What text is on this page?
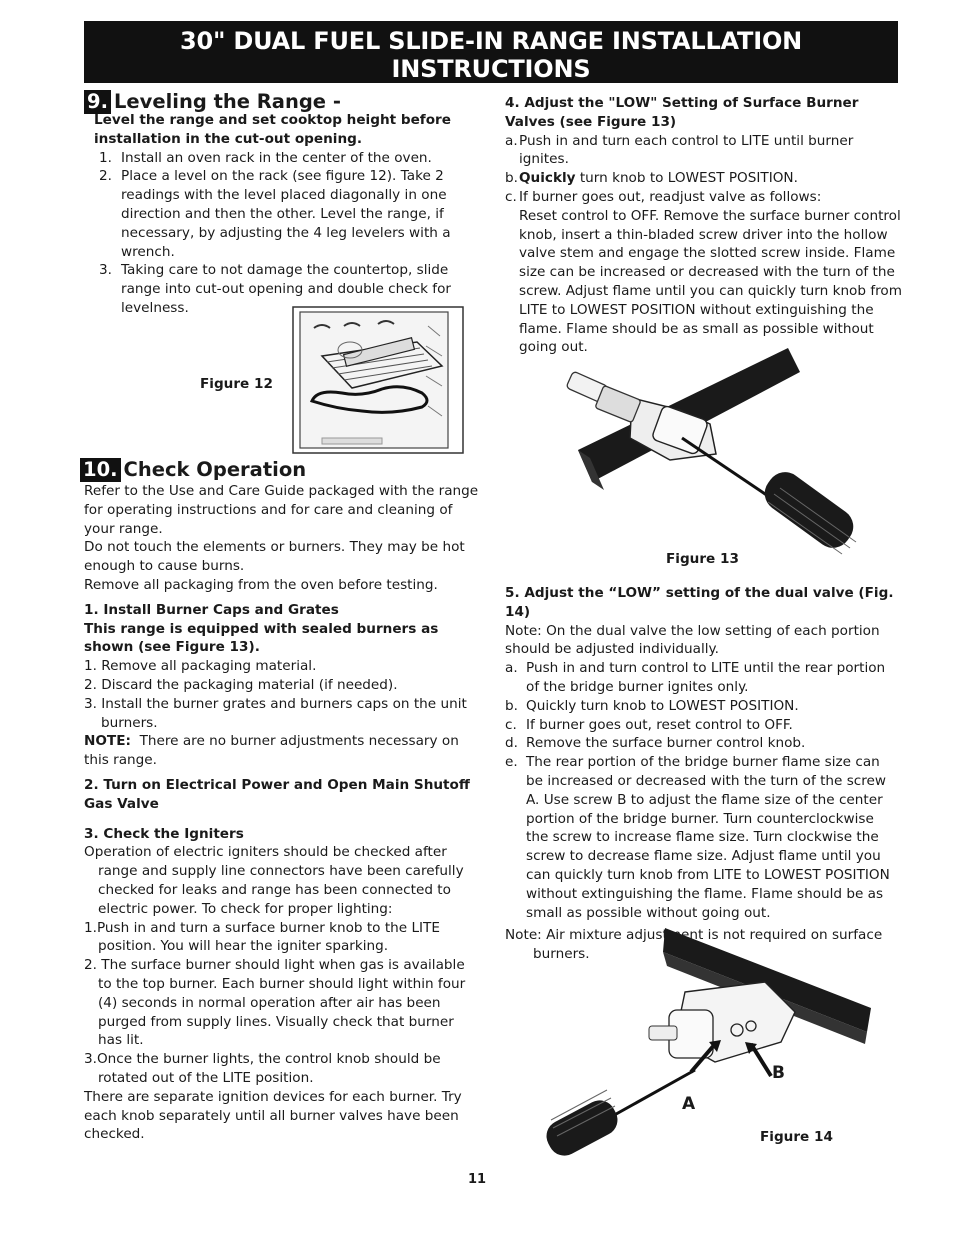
30" DUAL FUEL SLIDE-IN RANGE INSTALLATION INSTRUCTIONS
(Models with an Electric Oven and a Gas Cooktop)
9. Leveling the Range -

Level the range and set cooktop height before installation in the cut-out opening.

1. Install an oven rack in the center of the oven.
2. Place a level on the rack (see figure 12). Take 2 readings with the level placed diagonally in one direction and then the other. Level the range, if necessary, by adjusting the 4 leg levelers with a wrench.
3. Taking care to not damage the countertop, slide range into cut-out opening and double check for levelness.
10. Check Operation

Refer to the Use and Care Guide packaged with the range for operating instructions and for care and cleaning of your range.

Do not touch the elements or burners. They may be hot enough to cause burns.

Remove all packaging from the oven before testing.

1. Install Burner Caps and Grates

This range is equipped with sealed burners as shown (see Figure 13).

1. Remove all packaging material.

2. Discard the packaging material (if needed).

3. Install the burner grates and burners caps on the unit burners.

NOTE: There are no burner adjustments necessary on this range.

2. Turn on Electrical Power and Open Main Shutoff Gas Valve

3. Check the Igniters

Operation of electric igniters should be checked after range and supply line connectors have been carefully checked for leaks and range has been connected to electric power. To check for proper lighting:

1.Push in and turn a surface burner knob to the LITE position. You will hear the igniter sparking.

2. The surface burner should light when gas is available to the top burner. Each burner should light within four (4) seconds in normal operation after air has been purged from supply lines. Visually check that burner has lit.

3.Once the burner lights, the control knob should be rotated out of the LITE position.

There are separate ignition devices for each burner. Try each knob separately until all burner valves have been checked.

Figure 12

4. Adjust the "LOW" Setting of Surface Burner Valves (see Figure 13)

a. Push in and turn each control to LITE until burner ignites.
b. Quickly turn knob to LOWEST POSITION.
c. If burner goes out, readjust valve as follows:

Reset control to OFF. Remove the surface burner control knob, insert a thin-bladed screw driver into the hollow valve stem and engage the slotted screw inside. Flame size can be increased or decreased with the turn of the screw. Adjust flame until you can quickly turn knob from LITE to LOWEST POSITION without extinguishing the flame. Flame should be as small as possible without going out.

Figure 13

5. Adjust the “LOW” setting of the dual valve (Fig. 14)

Note: On the dual valve the low setting of each portion should be adjusted individually.

a. Push in and turn control to LITE until the rear portion of the bridge burner ignites only.
b. Quickly turn knob to LOWEST POSITION.
c. If burner goes out, reset control to OFF.
d. Remove the surface burner control knob.
e. The rear portion of the bridge burner flame size can be increased or decreased with the turn of the screw A. Use screw B to adjust the flame size of the center portion of the bridge burner. Turn counterclockwise the screw to increase flame size. Turn clockwise the screw to decrease flame size. Adjust flame until you can quickly turn knob from LITE to LOWEST POSITION without extinguishing the flame. Flame should be as small as possible without going out.

Note: Air mixture adjustment is not required on surface burners.

A
B
Figure 14
11
